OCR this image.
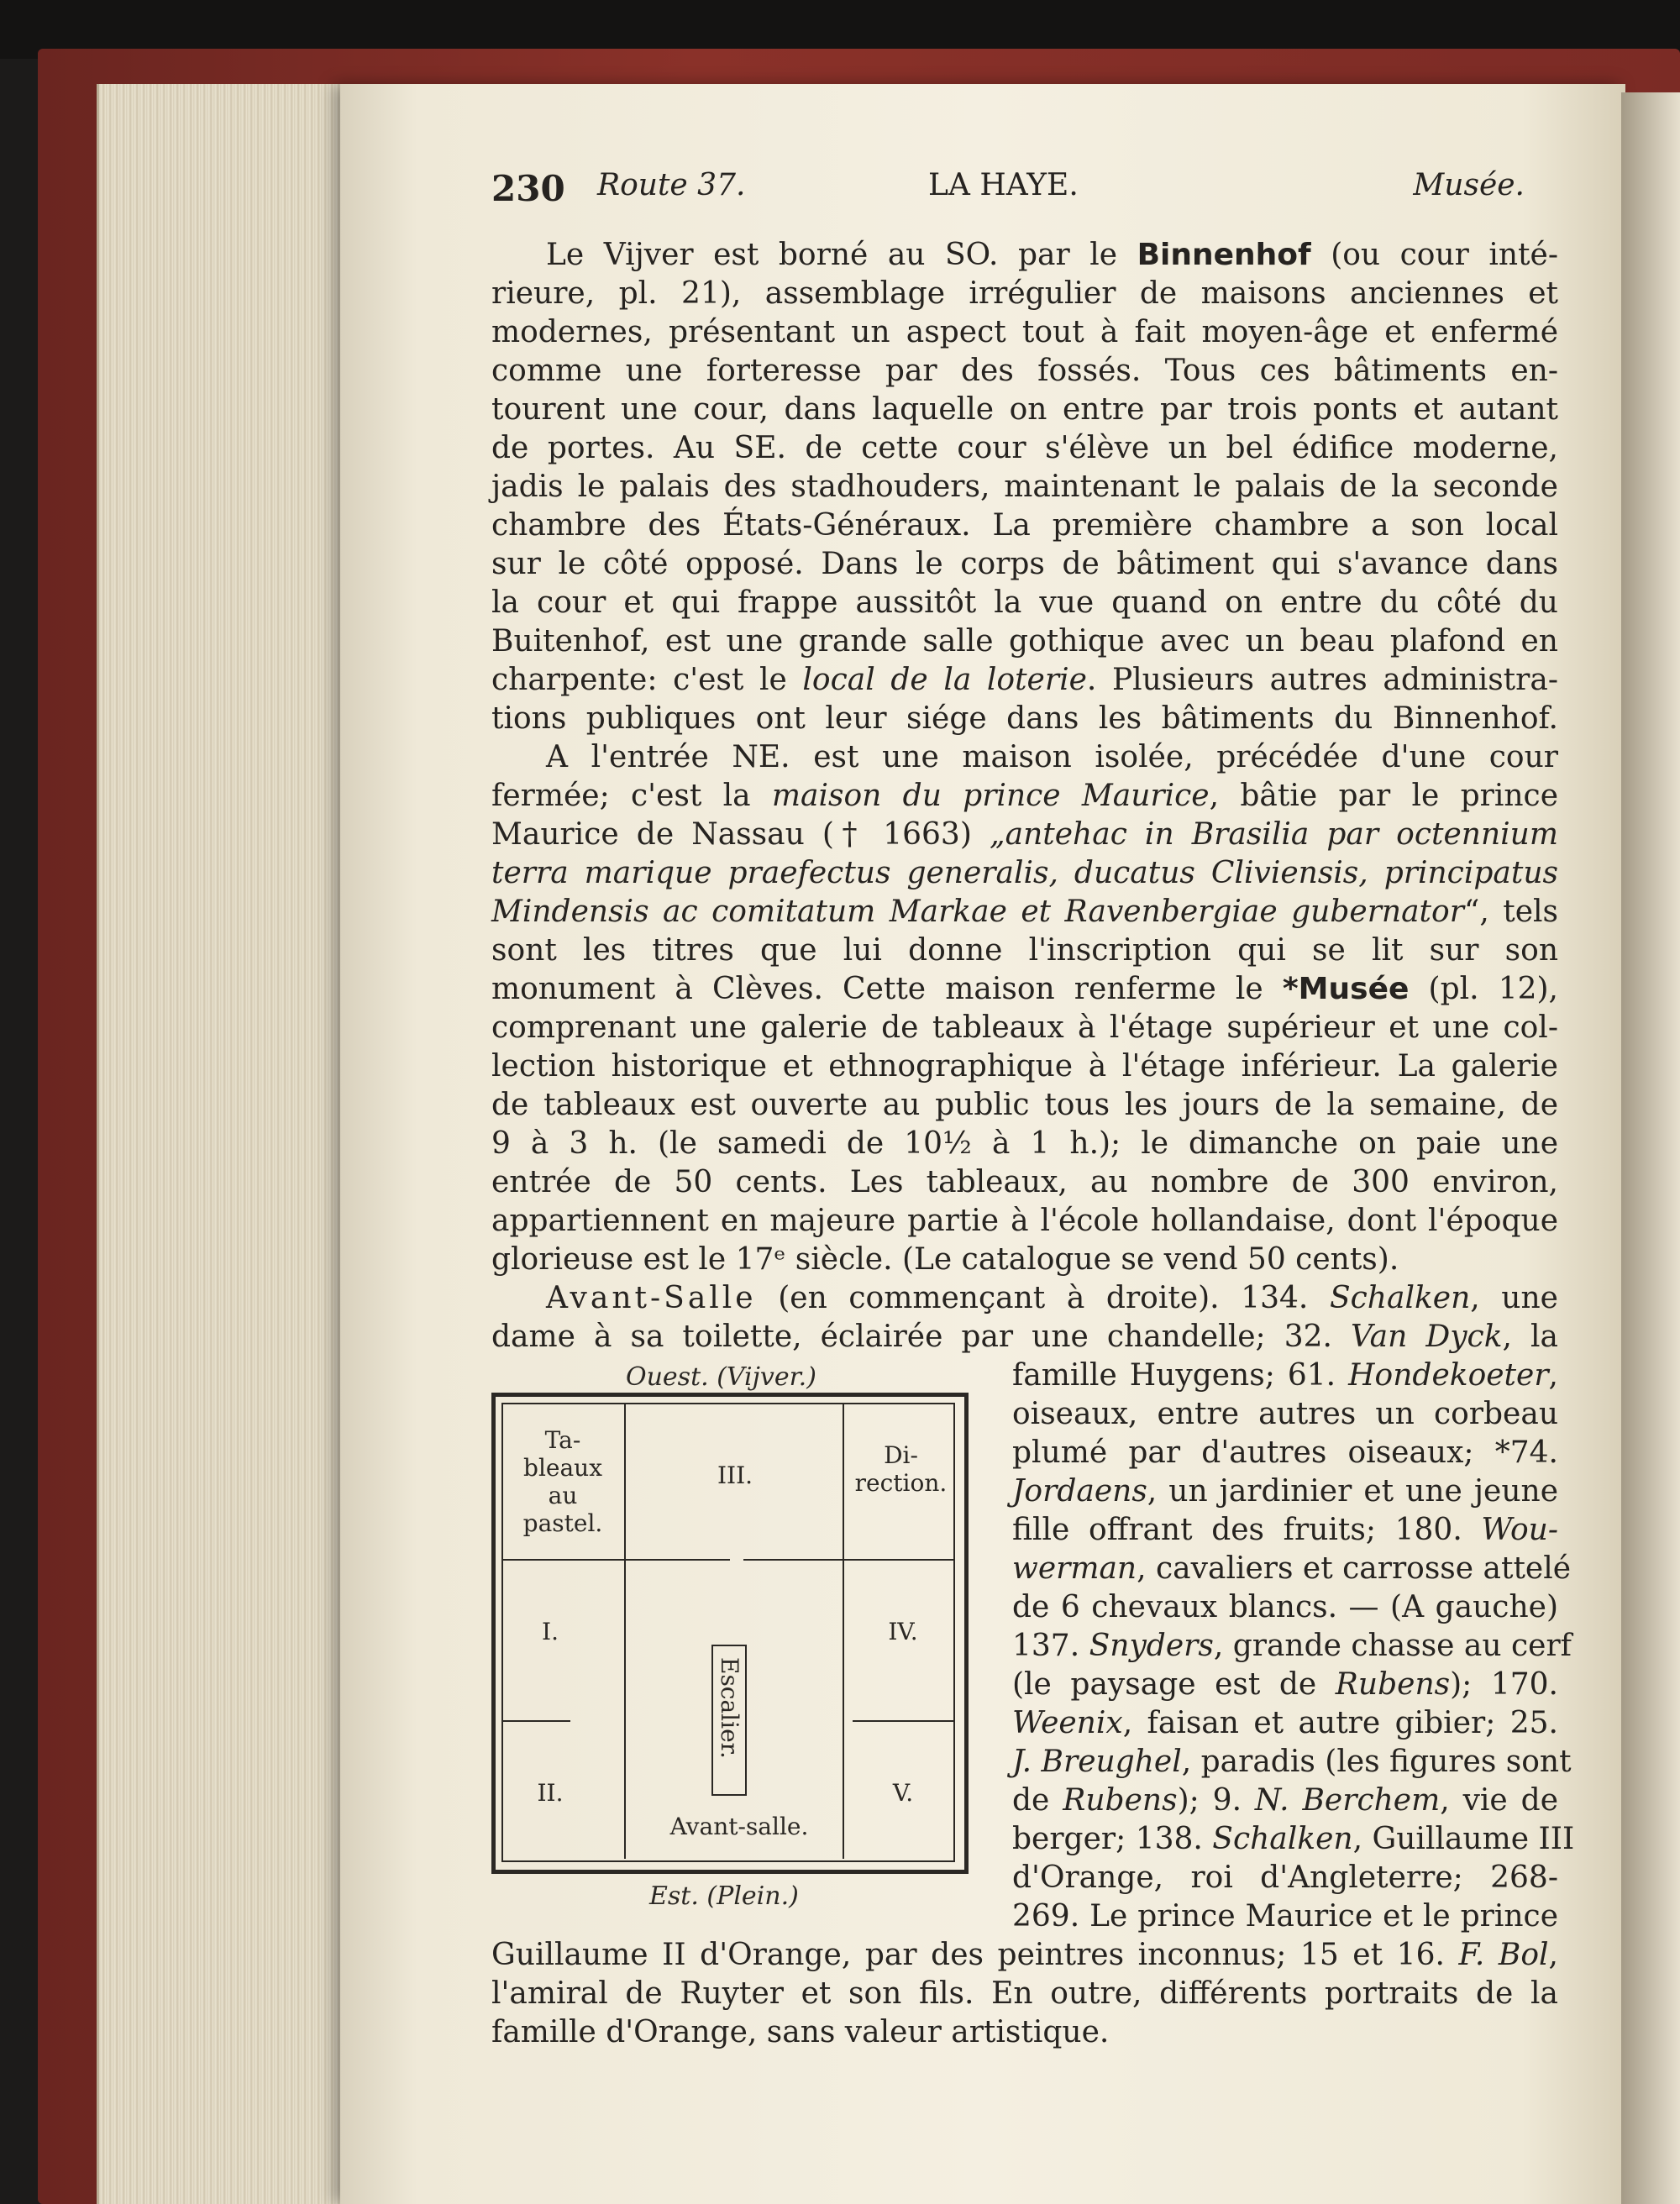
230 Route 37.	LA HAYE.	Musée.
Le Vijver est borné au SO. par le Binnenhof (ou cour inté-
rieure, pl. 21), assemblage irrégulier de maisons anciennes et
modernes, présentant un aspect tout à fait moyen-âge et enfermé
comme une forteresse par des fossés. Tous ces bâtiments en-
tourent une cour, dans laquelle on entre par trois ponts et autant
de portes. Au SE. de cette cour s'élève un bel édifice moderne,
jadis le palais des stadhouders, maintenant le palais de la seconde
chambre des États-Généraux. La première chambre a son local
sur le côté opposé. Dans le corps de bâtiment qui s'avance dans
la cour et qui frappe aussitôt la vue quand on entre du côté du
Buitenhof, est une grande salle gothique avec un beau plafond en
charpente: c'est le local de la loterie. Plusieurs autres administra-
tions publiques ont leur siége dans les bâtiments du Binnenhof.
A l'entrée NE. est une maison isolée, précédée d'une cour
fermée; c'est la maison du prince Maurice, bâtie par le prince
Maurice de Nassau († 1663) „antehac in Brasilia par octennium
terra marique praefectus generalis, ducatus Cliviensis, principatus
Mindensis ac comitatum Markae et Ravenbergiae gubernator“, tels
sont les titres que lui donne l'inscription qui se lit sur son
monument à Clèves. Cette maison renferme le *Musée (pl. 12),
comprenant une galerie de tableaux à l'étage supérieur et une col-
lection historique et ethnographique à l'étage inférieur. La galerie
de tableaux est ouverte au public tous les jours de la semaine, de
9 à 3 h. (le samedi de 10½ à 1 h.); le dimanche on paie une
entrée de 50 cents. Les tableaux, au nombre de 300 environ,
appartiennent en majeure partie à l'école hollandaise, dont l'époque
glorieuse est le 17ᵉ siècle. (Le catalogue se vend 50 cents).
Avant-Salle (en commençant à droite). 134. Schalken, une
dame à sa toilette, éclairée par une chandelle; 32. Van Dyck, la
Ouest. (Vijver.)
Ta-
bleaux
au
pastel.
III.
Di-
rection.
I.	IV.
II.	V.
Avant-salle.
Escalier.
Est. (Plein.)
famille Huygens; 61. Hondekoeter,
oiseaux, entre autres un corbeau
plumé par d'autres oiseaux; *74.
Jordaens, un jardinier et une jeune
fille offrant des fruits; 180. Wou-
werman, cavaliers et carrosse attelé
de 6 chevaux blancs. — (A gauche)
137. Snyders, grande chasse au cerf
(le paysage est de Rubens); 170.
Weenix, faisan et autre gibier; 25.
J. Breughel, paradis (les figures sont
de Rubens); 9. N. Berchem, vie de
berger; 138. Schalken, Guillaume III
d'Orange, roi d'Angleterre; 268-
269. Le prince Maurice et le prince
Guillaume II d'Orange, par des peintres inconnus; 15 et 16. F. Bol,
l'amiral de Ruyter et son fils. En outre, différents portraits de la
famille d'Orange, sans valeur artistique.
